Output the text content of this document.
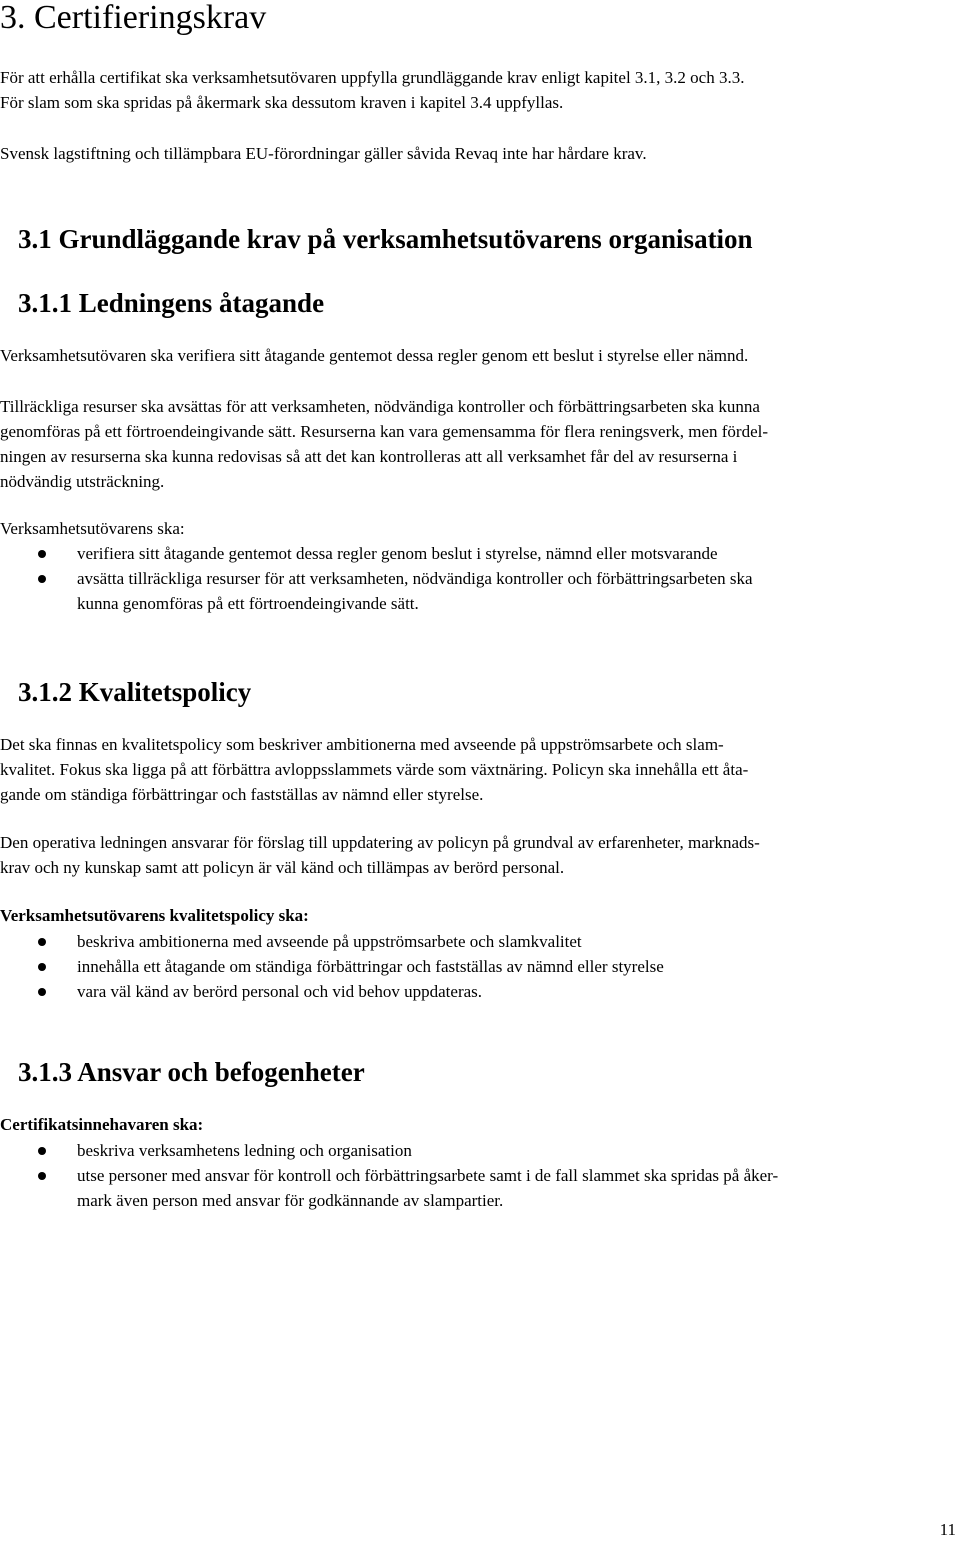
3. Certifieringskrav
För att erhålla certifikat ska verksamhetsutövaren uppfylla grundläggande krav enligt kapitel 3.1, 3.2 och 3.3.
För slam som ska spridas på åkermark ska dessutom kraven i kapitel 3.4 uppfyllas.
Svensk lagstiftning och tillämpbara EU-förordningar gäller såvida Revaq inte har hårdare krav.
3.1 Grundläggande krav på verksamhetsutövarens organisation
3.1.1 Ledningens åtagande
Verksamhetsutövaren ska verifiera sitt åtagande gentemot dessa regler genom ett beslut i styrelse eller nämnd.
Tillräckliga resurser ska avsättas för att verksamheten, nödvändiga kontroller och förbättringsarbeten ska kunna
genomföras på ett förtroendeingivande sätt. Resurserna kan vara gemensamma för flera reningsverk, men fördel-
ningen av resurserna ska kunna redovisas så att det kan kontrolleras att all verksamhet får del av resurserna i
nödvändig utsträckning.
Verksamhetsutövarens ska:
verifiera sitt åtagande gentemot dessa regler genom beslut i styrelse, nämnd eller motsvarande
avsätta tillräckliga resurser för att verksamheten, nödvändiga kontroller och förbättringsarbeten ska
kunna genomföras på ett förtroendeingivande sätt.
3.1.2 Kvalitetspolicy
Det ska finnas en kvalitetspolicy som beskriver ambitionerna med avseende på uppströmsarbete och slam-
kvalitet. Fokus ska ligga på att förbättra avloppsslammets värde som växtnäring. Policyn ska innehålla ett åta-
gande om ständiga förbättringar och fastställas av nämnd eller styrelse.
Den operativa ledningen ansvarar för förslag till uppdatering av policyn på grundval av erfarenheter, marknads-
krav och ny kunskap samt att policyn är väl känd och tillämpas av berörd personal.
Verksamhetsutövarens kvalitetspolicy ska:
beskriva ambitionerna med avseende på uppströmsarbete och slamkvalitet
innehålla ett åtagande om ständiga förbättringar och fastställas av nämnd eller styrelse
vara väl känd av berörd personal och vid behov uppdateras.
3.1.3 Ansvar och befogenheter
Certifikatsinnehavaren ska:
beskriva verksamhetens ledning och organisation
utse personer med ansvar för kontroll och förbättringsarbete samt i de fall slammet ska spridas på åker-
mark även person med ansvar för godkännande av slampartier.
11
